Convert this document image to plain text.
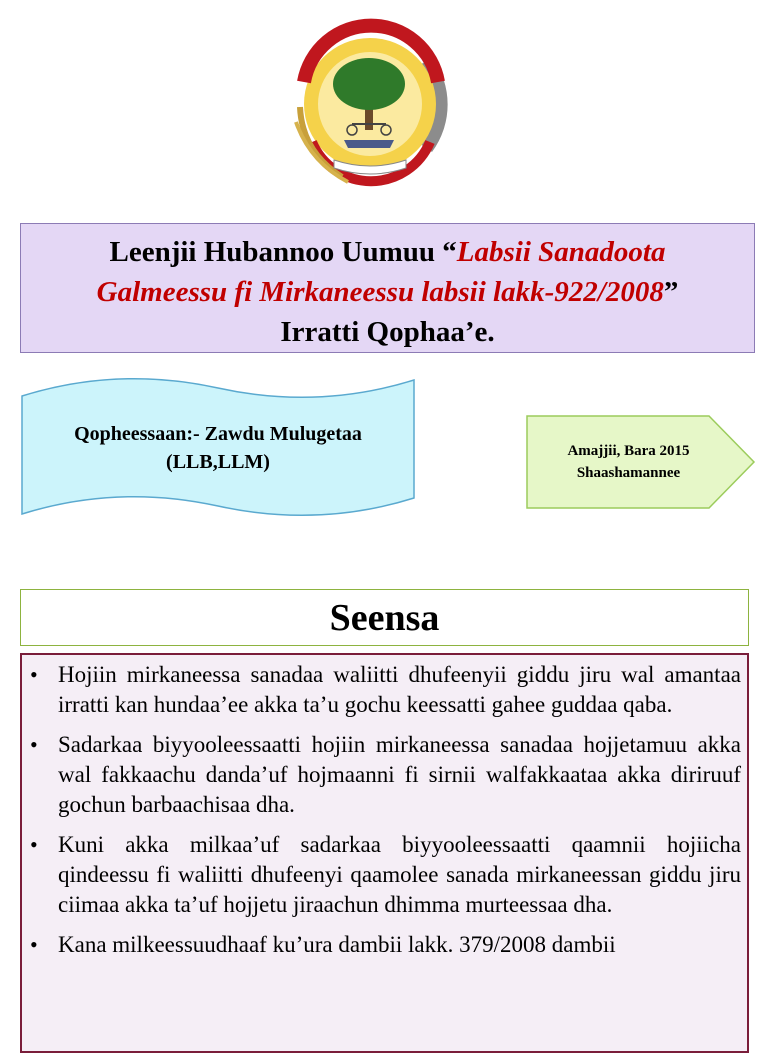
Leenjii Hubannoo Uumuu “Labsii Sanadoota
Galmeessu fi Mirkaneessu labsii lakk-922/2008”
Irratti Qophaa’e.
Qopheessaan:- Zawdu Mulugetaa
(LLB,LLM)	Amajjii, Bara 2015
Shaashamannee
Seensa
• Hojiin mirkaneessa sanadaa waliitti dhufeenyii giddu jiru wal amantaa irratti kan hundaa’ee akka ta’u gochu keessatti gahee guddaa qaba.
• Sadarkaa biyyooleessaatti hojiin mirkaneessa sanadaa hojjetamuu akka wal fakkaachu danda’uf hojmaanni fi sirnii walfakkaataa akka diriruuf gochun barbaachisaa dha.
• Kuni akka milkaa’uf sadarkaa biyyooleessaatti qaamnii hojiicha qindeessu fi waliitti dhufeenyi qaamolee sanada mirkaneessan giddu jiru ciimaa akka ta’uf hojjetu jiraachun dhimma murteessaa dha.
• Kana milkeessuudhaaf ku’ura dambii lakk. 379/2008 dambii
